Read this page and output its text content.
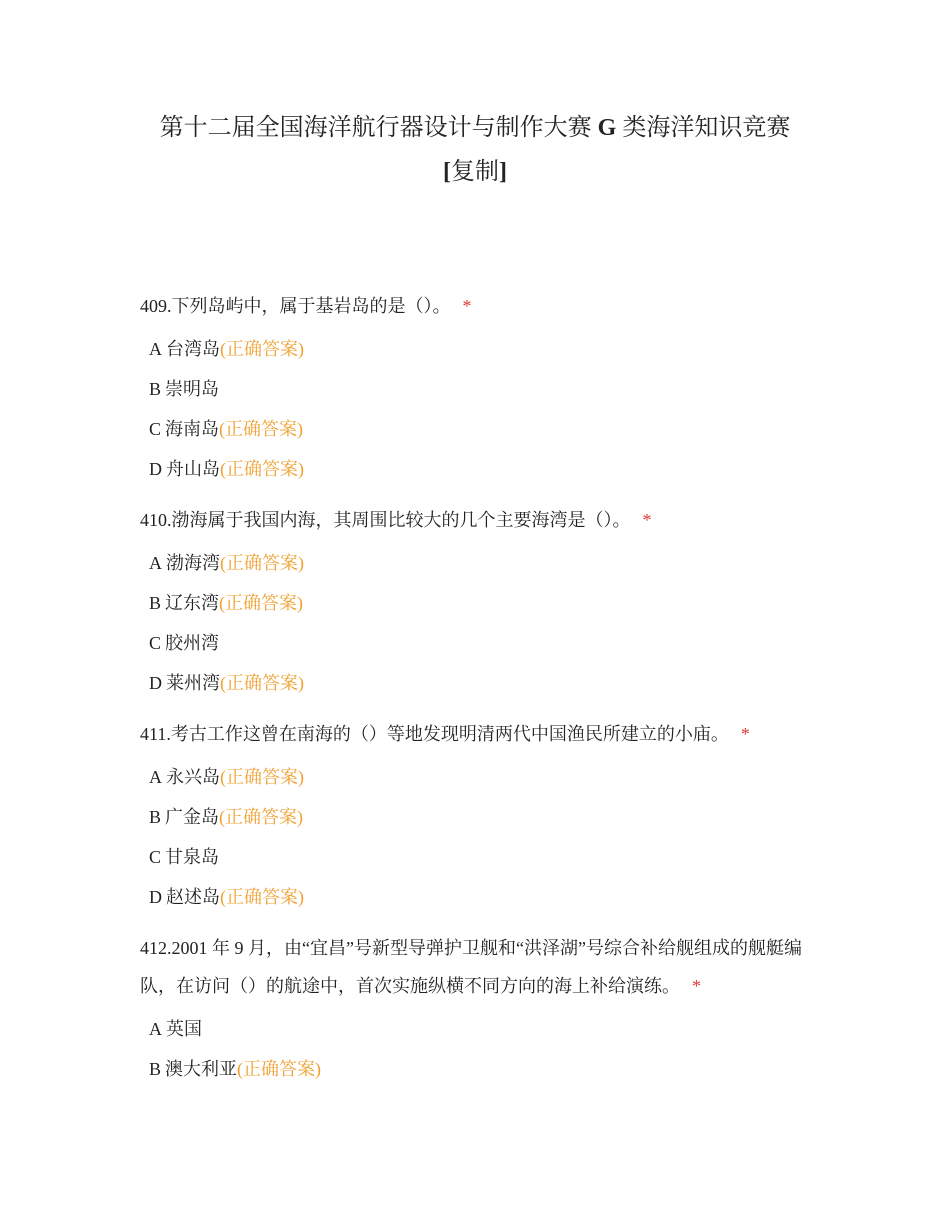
第十二届全国海洋航行器设计与制作大赛 G 类海洋知识竞赛
[复制]

409.下列岛屿中，属于基岩岛的是（）。 *

A 台湾岛(正确答案)
B 崇明岛
C 海南岛(正确答案)
D 舟山岛(正确答案)

410.渤海属于我国内海，其周围比较大的几个主要海湾是（）。 *

A 渤海湾(正确答案)
B 辽东湾(正确答案)
C 胶州湾
D 莱州湾(正确答案)

411.考古工作这曾在南海的（）等地发现明清两代中国渔民所建立的小庙。 *

A 永兴岛(正确答案)
B 广金岛(正确答案)
C 甘泉岛
D 赵述岛(正确答案)

412.2001 年 9 月，由“宜昌”号新型导弹护卫舰和“洪泽湖”号综合补给舰组成的舰艇编队，在访问（）的航途中，首次实施纵横不同方向的海上补给演练。 *

A 英国
B 澳大利亚(正确答案)
